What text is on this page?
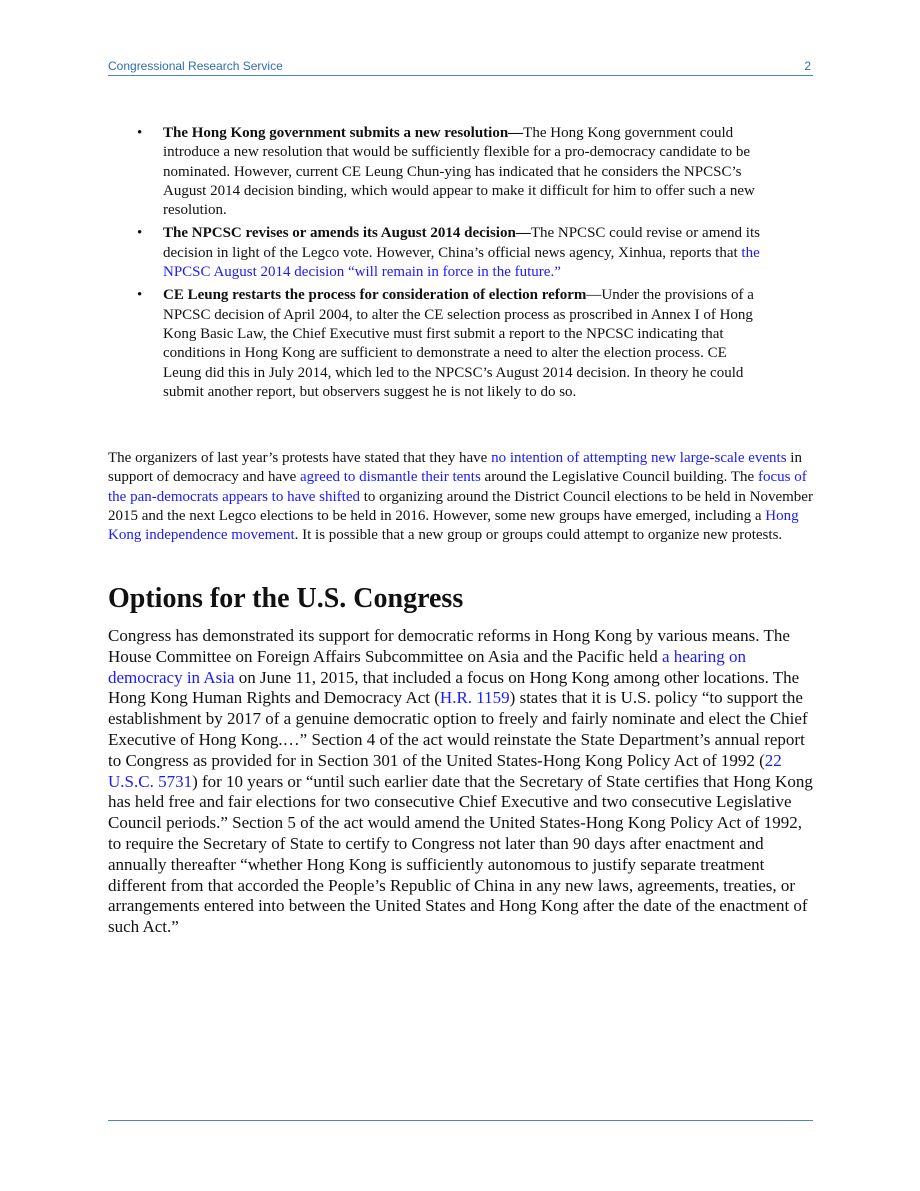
Congressional Research Service	2
• The Hong Kong government submits a new resolution—The Hong Kong government could introduce a new resolution that would be sufficiently flexible for a pro-democracy candidate to be nominated. However, current CE Leung Chun-ying has indicated that he considers the NPCSC’s August 2014 decision binding, which would appear to make it difficult for him to offer such a new resolution.
• The NPCSC revises or amends its August 2014 decision—The NPCSC could revise or amend its decision in light of the Legco vote. However, China’s official news agency, Xinhua, reports that the NPCSC August 2014 decision “will remain in force in the future.”
• CE Leung restarts the process for consideration of election reform—Under the provisions of a NPCSC decision of April 2004, to alter the CE selection process as proscribed in Annex I of Hong Kong Basic Law, the Chief Executive must first submit a report to the NPCSC indicating that conditions in Hong Kong are sufficient to demonstrate a need to alter the election process. CE Leung did this in July 2014, which led to the NPCSC’s August 2014 decision. In theory he could submit another report, but observers suggest he is not likely to do so.

The organizers of last year’s protests have stated that they have no intention of attempting new large-scale events in support of democracy and have agreed to dismantle their tents around the Legislative Council building. The focus of the pan-democrats appears to have shifted to organizing around the District Council elections to be held in November 2015 and the next Legco elections to be held in 2016. However, some new groups have emerged, including a Hong Kong independence movement. It is possible that a new group or groups could attempt to organize new protests.

Options for the U.S. Congress

Congress has demonstrated its support for democratic reforms in Hong Kong by various means. The House Committee on Foreign Affairs Subcommittee on Asia and the Pacific held a hearing on democracy in Asia on June 11, 2015, that included a focus on Hong Kong among other locations. The Hong Kong Human Rights and Democracy Act (H.R. 1159) states that it is U.S. policy “to support the establishment by 2017 of a genuine democratic option to freely and fairly nominate and elect the Chief Executive of Hong Kong.…” Section 4 of the act would reinstate the State Department’s annual report to Congress as provided for in Section 301 of the United States-Hong Kong Policy Act of 1992 (22 U.S.C. 5731) for 10 years or “until such earlier date that the Secretary of State certifies that Hong Kong has held free and fair elections for two consecutive Chief Executive and two consecutive Legislative Council periods.” Section 5 of the act would amend the United States-Hong Kong Policy Act of 1992, to require the Secretary of State to certify to Congress not later than 90 days after enactment and annually thereafter “whether Hong Kong is sufficiently autonomous to justify separate treatment different from that accorded the People’s Republic of China in any new laws, agreements, treaties, or arrangements entered into between the United States and Hong Kong after the date of the enactment of such Act.”
